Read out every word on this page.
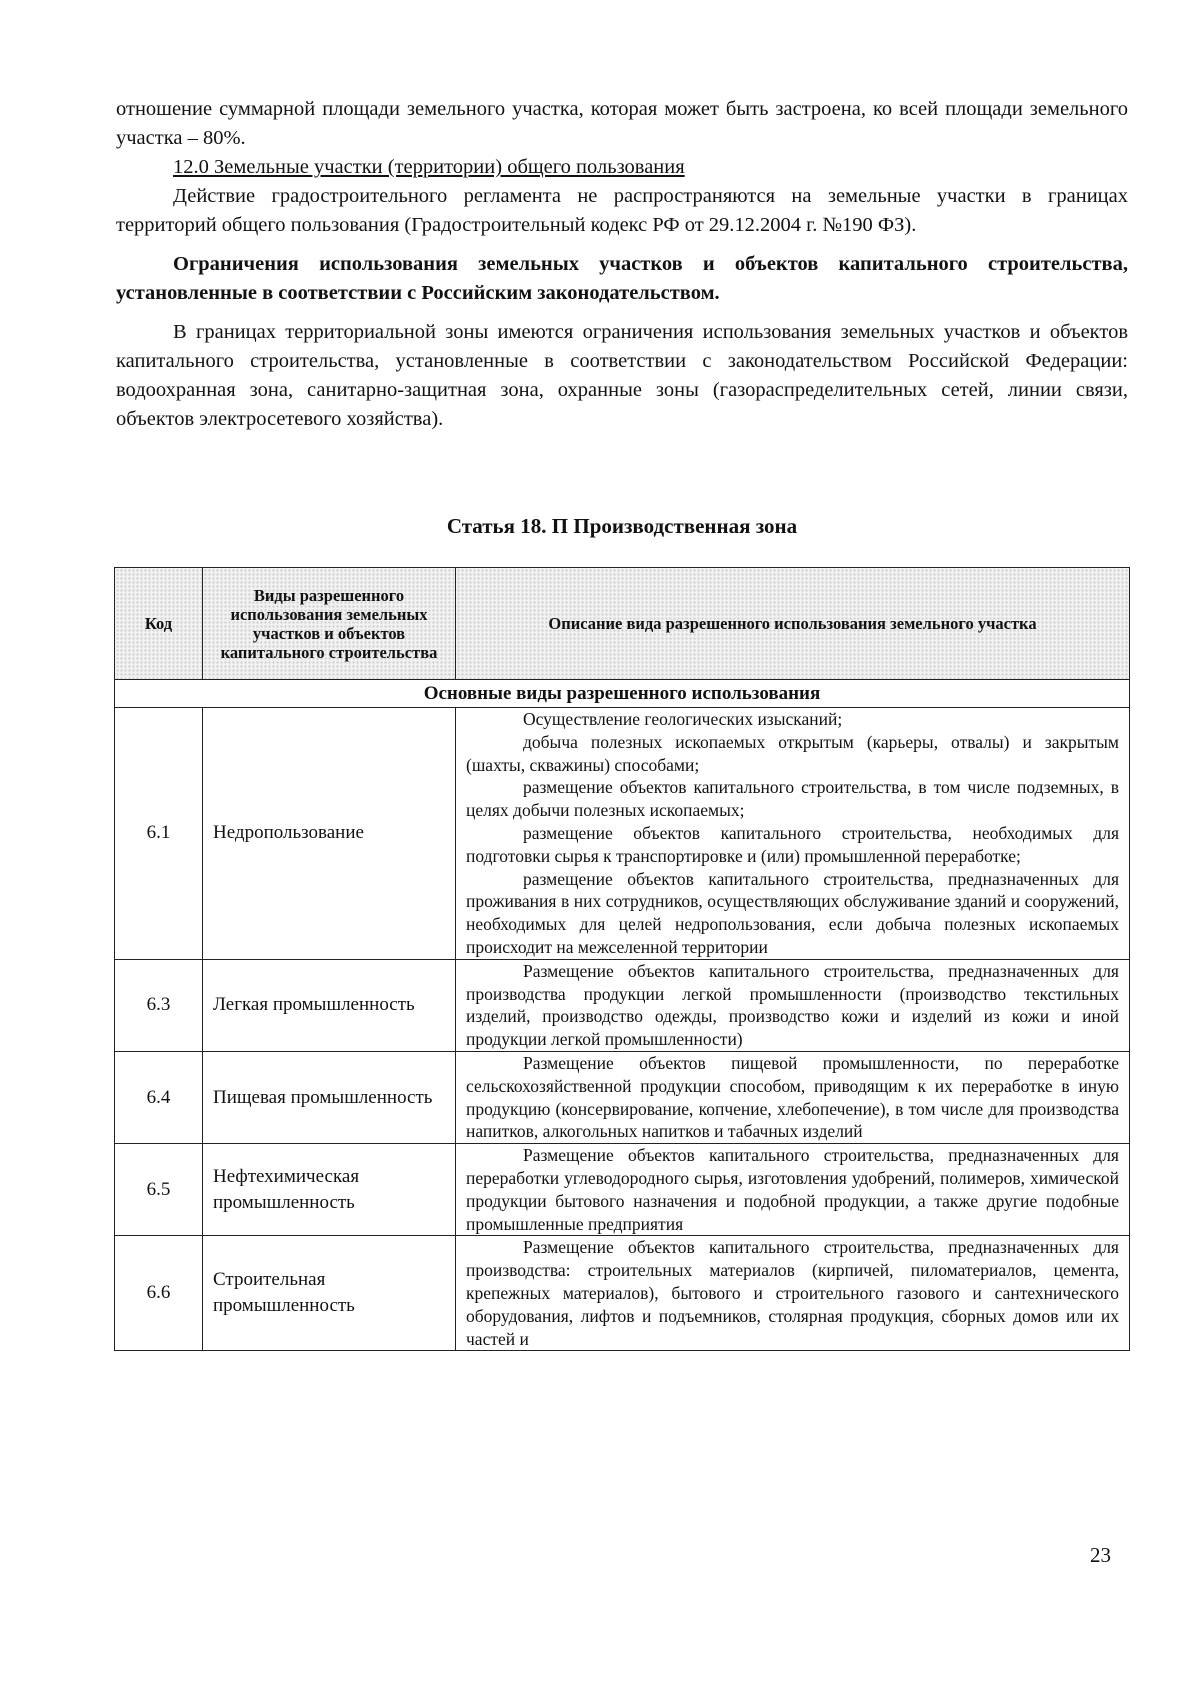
отношение суммарной площади земельного участка, которая может быть застроена, ко всей площади земельного участка – 80%.

12.0 Земельные участки (территории) общего пользования

Действие градостроительного регламента не распространяются на земельные участки в границах территорий общего пользования (Градостроительный кодекс РФ от 29.12.2004 г. №190 ФЗ).

Ограничения использования земельных участков и объектов капитального строительства, установленные в соответствии с Российским законодательством.

В границах территориальной зоны имеются ограничения использования земельных участков и объектов капитального строительства, установленные в соответствии с законодательством Российской Федерации: водоохранная зона, санитарно-защитная зона, охранные зоны (газораспределительных сетей, линии связи, объектов электросетевого хозяйства).

Статья 18. П Производственная зона
Код	Виды разрешенного использования земельных участков и объектов капитального строительства	Описание вида разрешенного использования земельного участка
Основные виды разрешенного использования		
6.1	Недропользование	Осуществление геологических изысканий;

добыча полезных ископаемых открытым (карьеры, отвалы) и закрытым (шахты, скважины) способами;

размещение объектов капитального строительства, в том числе подземных, в целях добычи полезных ископаемых;

размещение объектов капитального строительства, необходимых для подготовки сырья к транспортировке и (или) промышленной переработке;

размещение объектов капитального строительства, предназначенных для проживания в них сотрудников, осуществляющих обслуживание зданий и сооружений, необходимых для целей недропользования, если добыча полезных ископаемых происходит на межселенной территории

6.3	Легкая промышленность	Размещение объектов капитального строительства, предназначенных для производства продукции легкой промышленности (производство текстильных изделий, производство одежды, производство кожи и изделий из кожи и иной продукции легкой промышленности)

6.4	Пищевая промышленность	Размещение объектов пищевой промышленности, по переработке сельскохозяйственной продукции способом, приводящим к их переработке в иную продукцию (консервирование, копчение, хлебопечение), в том числе для производства напитков, алкогольных напитков и табачных изделий

6.5	Нефтехимическая промышленность	Размещение объектов капитального строительства, предназначенных для переработки углеводородного сырья, изготовления удобрений, полимеров, химической продукции бытового назначения и подобной продукции, а также другие подобные промышленные предприятия

6.6	Строительная промышленность	Размещение объектов капитального строительства, предназначенных для производства: строительных материалов (кирпичей, пиломатериалов, цемента, крепежных материалов), бытового и строительного газового и сантехнического оборудования, лифтов и подъемников, столярная продукция, сборных домов или их частей и

23
